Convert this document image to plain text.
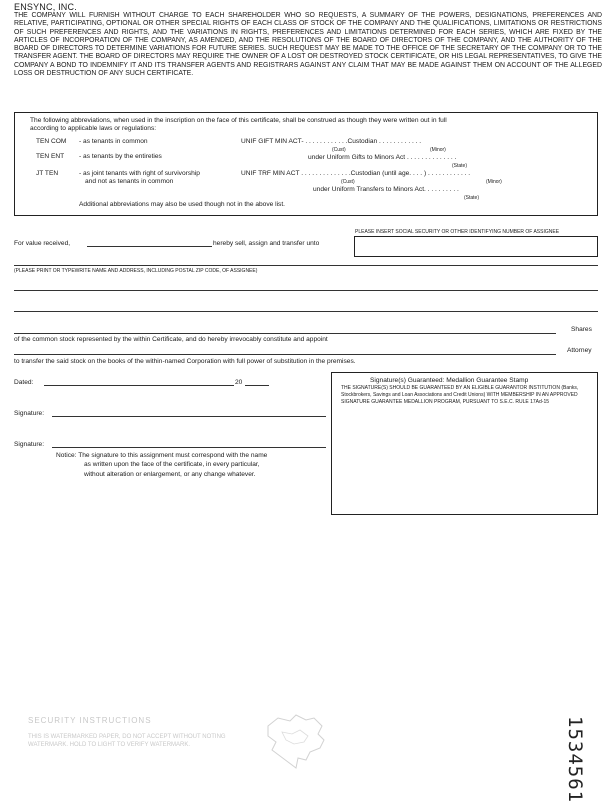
ENSYNC, INC.
THE COMPANY WILL FURNISH WITHOUT CHARGE TO EACH SHAREHOLDER WHO SO REQUESTS, A SUMMARY OF THE POWERS, DESIGNATIONS, PREFERENCES AND RELATIVE, PARTICIPATING, OPTIONAL OR OTHER SPECIAL RIGHTS OF EACH CLASS OF STOCK OF THE COMPANY AND THE QUALIFICATIONS, LIMITATIONS OR RESTRICTIONS OF SUCH PREFERENCES AND RIGHTS, AND THE VARIATIONS IN RIGHTS, PREFERENCES AND LIMITATIONS DETERMINED FOR EACH SERIES, WHICH ARE FIXED BY THE ARTICLES OF INCORPORATION OF THE COMPANY, AS AMENDED, AND THE RESOLUTIONS OF THE BOARD OF DIRECTORS OF THE COMPANY, AND THE AUTHORITY OF THE BOARD OF DIRECTORS TO DETERMINE VARIATIONS FOR FUTURE SERIES. SUCH REQUEST MAY BE MADE TO THE OFFICE OF THE SECRETARY OF THE COMPANY OR TO THE TRANSFER AGENT. THE BOARD OF DIRECTORS MAY REQUIRE THE OWNER OF A LOST OR DESTROYED STOCK CERTIFICATE, OR HIS LEGAL REPRESENTATIVES, TO GIVE THE COMPANY A BOND TO INDEMNIFY IT AND ITS TRANSFER AGENTS AND REGISTRARS AGAINST ANY CLAIM THAT MAY BE MADE AGAINST THEM ON ACCOUNT OF THE ALLEGED LOSS OR DESTRUCTION OF ANY SUCH CERTIFICATE.
The following abbreviations, when used in the inscription on the face of this certificate, shall be construed as though they were written out in full
according to applicable laws or regulations:
TEN COM - as tenants in common
TEN ENT - as tenants by the entireties
JT TEN	- as joint tenants with right of survivorship
and not as tenants in common
UNIF GIFT MIN ACT- . . . . . . . . . . . .Custodian . . . . . . . . . . . .
(Cust)	(Minor)
under Uniform Gifts to Minors Act . . . . . . . . . . . . . .
(State)
UNIF TRF MIN ACT . . . . . . . . . . . . . .Custodian (until age. . . . ) . . . . . . . . . . . .
(Cust)	(Minor)
under Uniform Transfers to Minors Act. . . . . . . . . .
(State)
Additional abbreviations may also be used though not in the above list.
PLEASE INSERT SOCIAL SECURITY OR OTHER IDENTIFYING NUMBER OF ASSIGNEE
For value received,	hereby sell, assign and transfer unto
(PLEASE PRINT OR TYPEWRITE NAME AND ADDRESS, INCLUDING POSTAL ZIP CODE, OF ASSIGNEE)
Shares
of the common stock represented by the within Certificate, and do hereby irrevocably constitute and appoint
Attorney
to transfer the said stock on the books of the within-named Corporation with full power of substitution in the premises.
Dated:	20
Signature:
Signature:
Notice: The signature to this assignment must correspond with the name
as written upon the face of the certificate, in every particular,
without alteration or enlargement, or any change whatever.
Signature(s) Guaranteed: Medallion Guarantee Stamp
THE SIGNATURE(S) SHOULD BE GUARANTEED BY AN ELIGIBLE GUARANTOR INSTITUTION (Banks,
Stockbrokers, Savings and Loan Associations and Credit Unions) WITH MEMBERSHIP IN AN APPROVED
SIGNATURE GUARANTEE MEDALLION PROGRAM, PURSUANT TO S.E.C. RULE 17Ad-15
SECURITY INSTRUCTIONS
THIS IS WATERMARKED PAPER, DO NOT ACCEPT WITHOUT NOTING
WATERMARK. HOLD TO LIGHT TO VERIFY WATERMARK.	1534561
